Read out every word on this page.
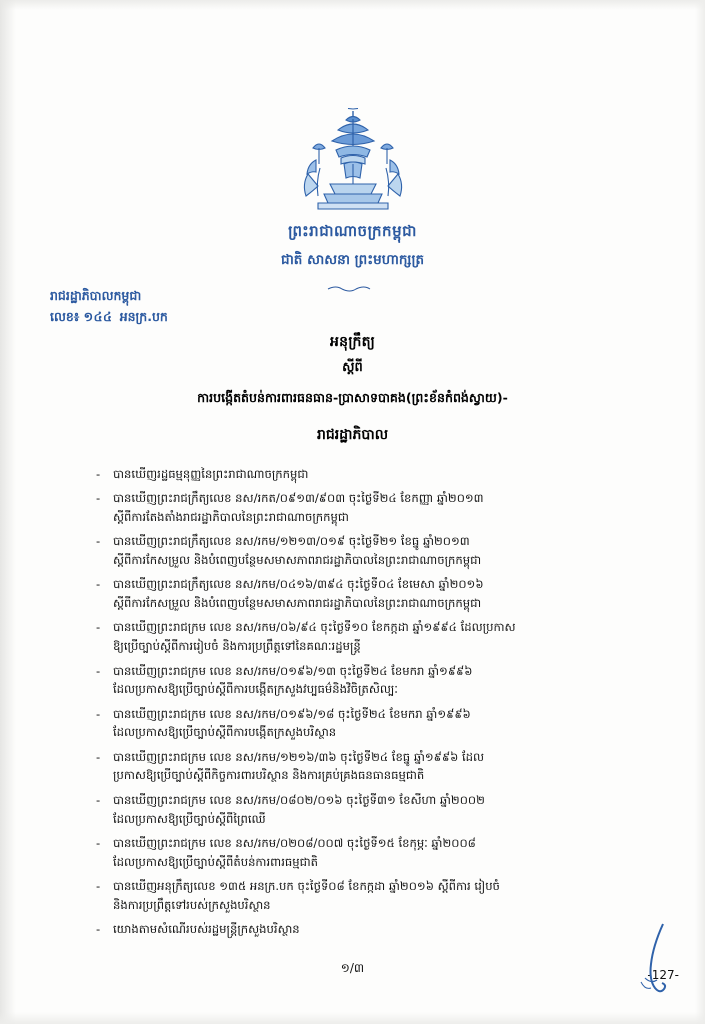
ព្រះរាជាណាចក្រកម្ពុជា
ជាតិ សាសនា ព្រះមហាក្សត្រ
រាជរដ្ឋាភិបាលកម្ពុជា
លេខ៖ ១៤៤ អនក្រ.បក
អនុក្រឹត្យ
ស្តីពី
ការបង្កើតតំបន់ការពារធនធាន-ប្រាសាទបាគង(ព្រះខ័នកំពង់ស្វាយ)-
រាជរដ្ឋាភិបាល
-	បានឃើញរដ្ឋធម្មនុញ្ញនៃព្រះរាជាណាចក្រកម្ពុជា
-	បានឃើញព្រះរាជក្រឹត្យលេខ នស/រកត/០៩១៣/៩០៣ ចុះថ្ងៃទី២៤ ខែកញ្ញា ឆ្នាំ២០១៣
ស្តីពីការតែងតាំងរាជរដ្ឋាភិបាលនៃព្រះរាជាណាចក្រកម្ពុជា
-	បានឃើញព្រះរាជក្រឹត្យលេខ នស/រកម/១២១៣/០១៩ ចុះថ្ងៃទី២១ ខែធ្នូ ឆ្នាំ២០១៣
ស្តីពីការកែសម្រួល និងបំពេញបន្ថែមសមាសភាពរាជរដ្ឋាភិបាលនៃព្រះរាជាណាចក្រកម្ពុជា
-	បានឃើញព្រះរាជក្រឹត្យលេខ នស/រកម/០៤១៦/៣៩៤ ចុះថ្ងៃទី០៤ ខែមេសា ឆ្នាំ២០១៦
ស្តីពីការកែសម្រួល និងបំពេញបន្ថែមសមាសភាពរាជរដ្ឋាភិបាលនៃព្រះរាជាណាចក្រកម្ពុជា
-	បានឃើញព្រះរាជក្រម លេខ នស/រកម/០៦/៩៤ ចុះថ្ងៃទី១០ ខែកក្កដា ឆ្នាំ១៩៩៤ ដែលប្រកាស
ឱ្យប្រើច្បាប់ស្តីពីការរៀបចំ និងការប្រព្រឹត្តទៅនៃគណៈរដ្ឋមន្ត្រី
-	បានឃើញព្រះរាជក្រម លេខ នស/រកម/០១៩៦/១៣ ចុះថ្ងៃទី២៤ ខែមករា ឆ្នាំ១៩៩៦
ដែលប្រកាសឱ្យប្រើច្បាប់ស្តីពីការបង្កើតក្រសួងវប្បធម៌និងវិចិត្រសិល្បៈ
-	បានឃើញព្រះរាជក្រម លេខ នស/រកម/០១៩៦/១៨ ចុះថ្ងៃទី២៤ ខែមករា ឆ្នាំ១៩៩៦
ដែលប្រកាសឱ្យប្រើច្បាប់ស្តីពីការបង្កើតក្រសួងបរិស្ថាន
-	បានឃើញព្រះរាជក្រម លេខ នស/រកម/១២១៦/៣៦ ចុះថ្ងៃទី២៤ ខែធ្នូ ឆ្នាំ១៩៩៦ ដែល
ប្រកាសឱ្យប្រើច្បាប់ស្តីពីកិច្ចការពារបរិស្ថាន និងការគ្រប់គ្រងធនធានធម្មជាតិ
-	បានឃើញព្រះរាជក្រម លេខ នស/រកម/០៨០២/០១៦ ចុះថ្ងៃទី៣១ ខែសីហា ឆ្នាំ២០០២
ដែលប្រកាសឱ្យប្រើច្បាប់ស្តីពីព្រៃឈើ
-	បានឃើញព្រះរាជក្រម លេខ នស/រកម/០២០៨/០០៧ ចុះថ្ងៃទី១៥ ខែកុម្ភៈ ឆ្នាំ២០០៨
ដែលប្រកាសឱ្យប្រើច្បាប់ស្តីពីតំបន់ការពារធម្មជាតិ
-	បានឃើញអនុក្រឹត្យលេខ ១៣៥ អនក្រ.បក ចុះថ្ងៃទី០៨ ខែកក្កដា ឆ្នាំ២០១៦ ស្តីពីការ រៀបចំ
និងការប្រព្រឹត្តទៅរបស់ក្រសួងបរិស្ថាន
-	យោងតាមសំណើរបស់រដ្ឋមន្ត្រីក្រសួងបរិស្ថាន
១/៣	-127-
